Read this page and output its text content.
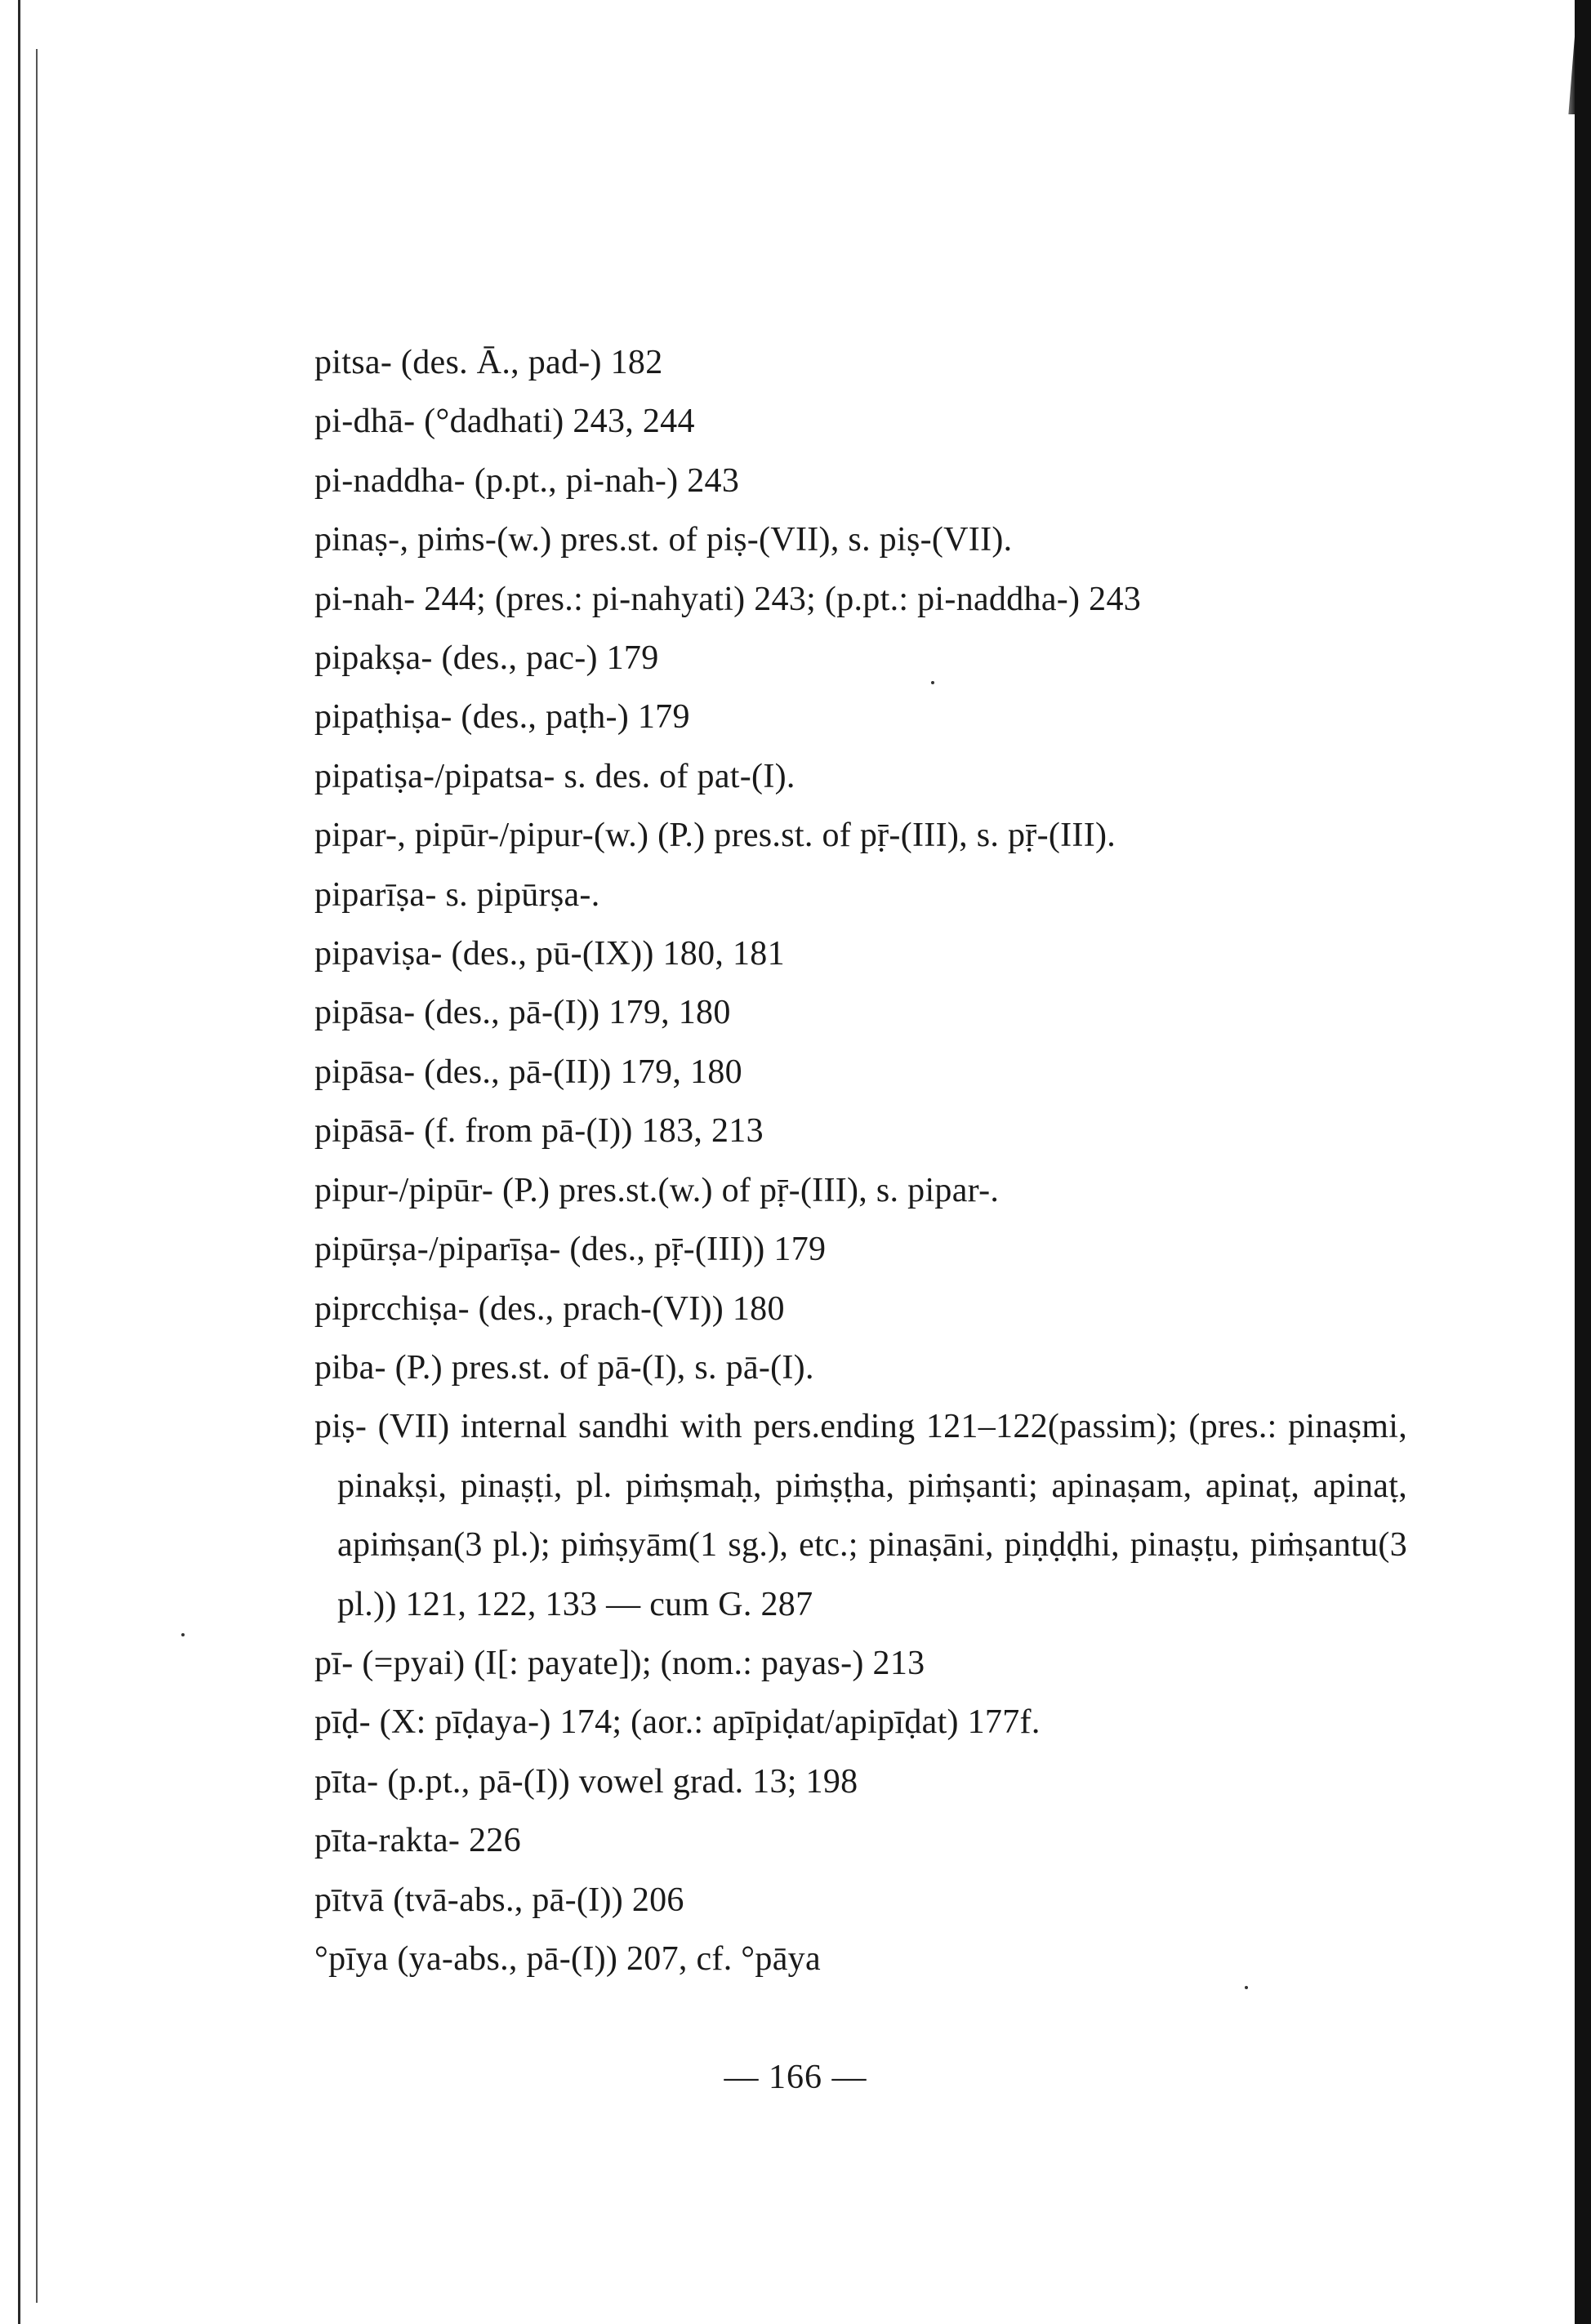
pitsa- (des. Ā., pad-) 182

pi-dhā- (°dadhati) 243, 244

pi-naddha- (p.pt., pi-nah-) 243

pinaṣ-, piṁs-(w.) pres.st. of piṣ-(VII), s. piṣ-(VII).

pi-nah- 244; (pres.: pi-nahyati) 243; (p.pt.: pi-naddha-) 243

pipakṣa- (des., pac-) 179

pipaṭhiṣa- (des., paṭh-) 179

pipatiṣa-/pipatsa- s. des. of pat-(I).

pipar-, pipūr-/pipur-(w.) (P.) pres.st. of pṝ-(III), s. pṝ-(III).

piparīṣa- s. pipūrṣa-.

pipaviṣa- (des., pū-(IX)) 180, 181

pipāsa- (des., pā-(I)) 179, 180

pipāsa- (des., pā-(II)) 179, 180

pipāsā- (f. from pā-(I)) 183, 213

pipur-/pipūr- (P.) pres.st.(w.) of pṝ-(III), s. pipar-.

pipūrṣa-/piparīṣa- (des., pṝ-(III)) 179

piprcchiṣa- (des., prach-(VI)) 180

piba- (P.) pres.st. of pā-(I), s. pā-(I).

piṣ- (VII) internal sandhi with pers.ending 121–122(passim); (pres.: pinaṣmi, pinakṣi, pinaṣṭi, pl. piṁṣmaḥ, piṁṣṭha, piṁṣanti; apinaṣam, apinaṭ, apinaṭ, apiṁṣan(3 pl.); piṁṣyām(1 sg.), etc.; pinaṣāni, piṇḍḍhi, pinaṣṭu, piṁṣantu(3 pl.)) 121, 122, 133 — cum G. 287

pī- (=pyai) (I[: payate]); (nom.: payas-) 213

pīḍ- (X: pīḍaya-) 174; (aor.: apīpiḍat/apipīḍat) 177f.

pīta- (p.pt., pā-(I)) vowel grad. 13; 198

pīta-rakta- 226

pītvā (tvā-abs., pā-(I)) 206

°pīya (ya-abs., pā-(I)) 207, cf. °pāya

— 166 —
